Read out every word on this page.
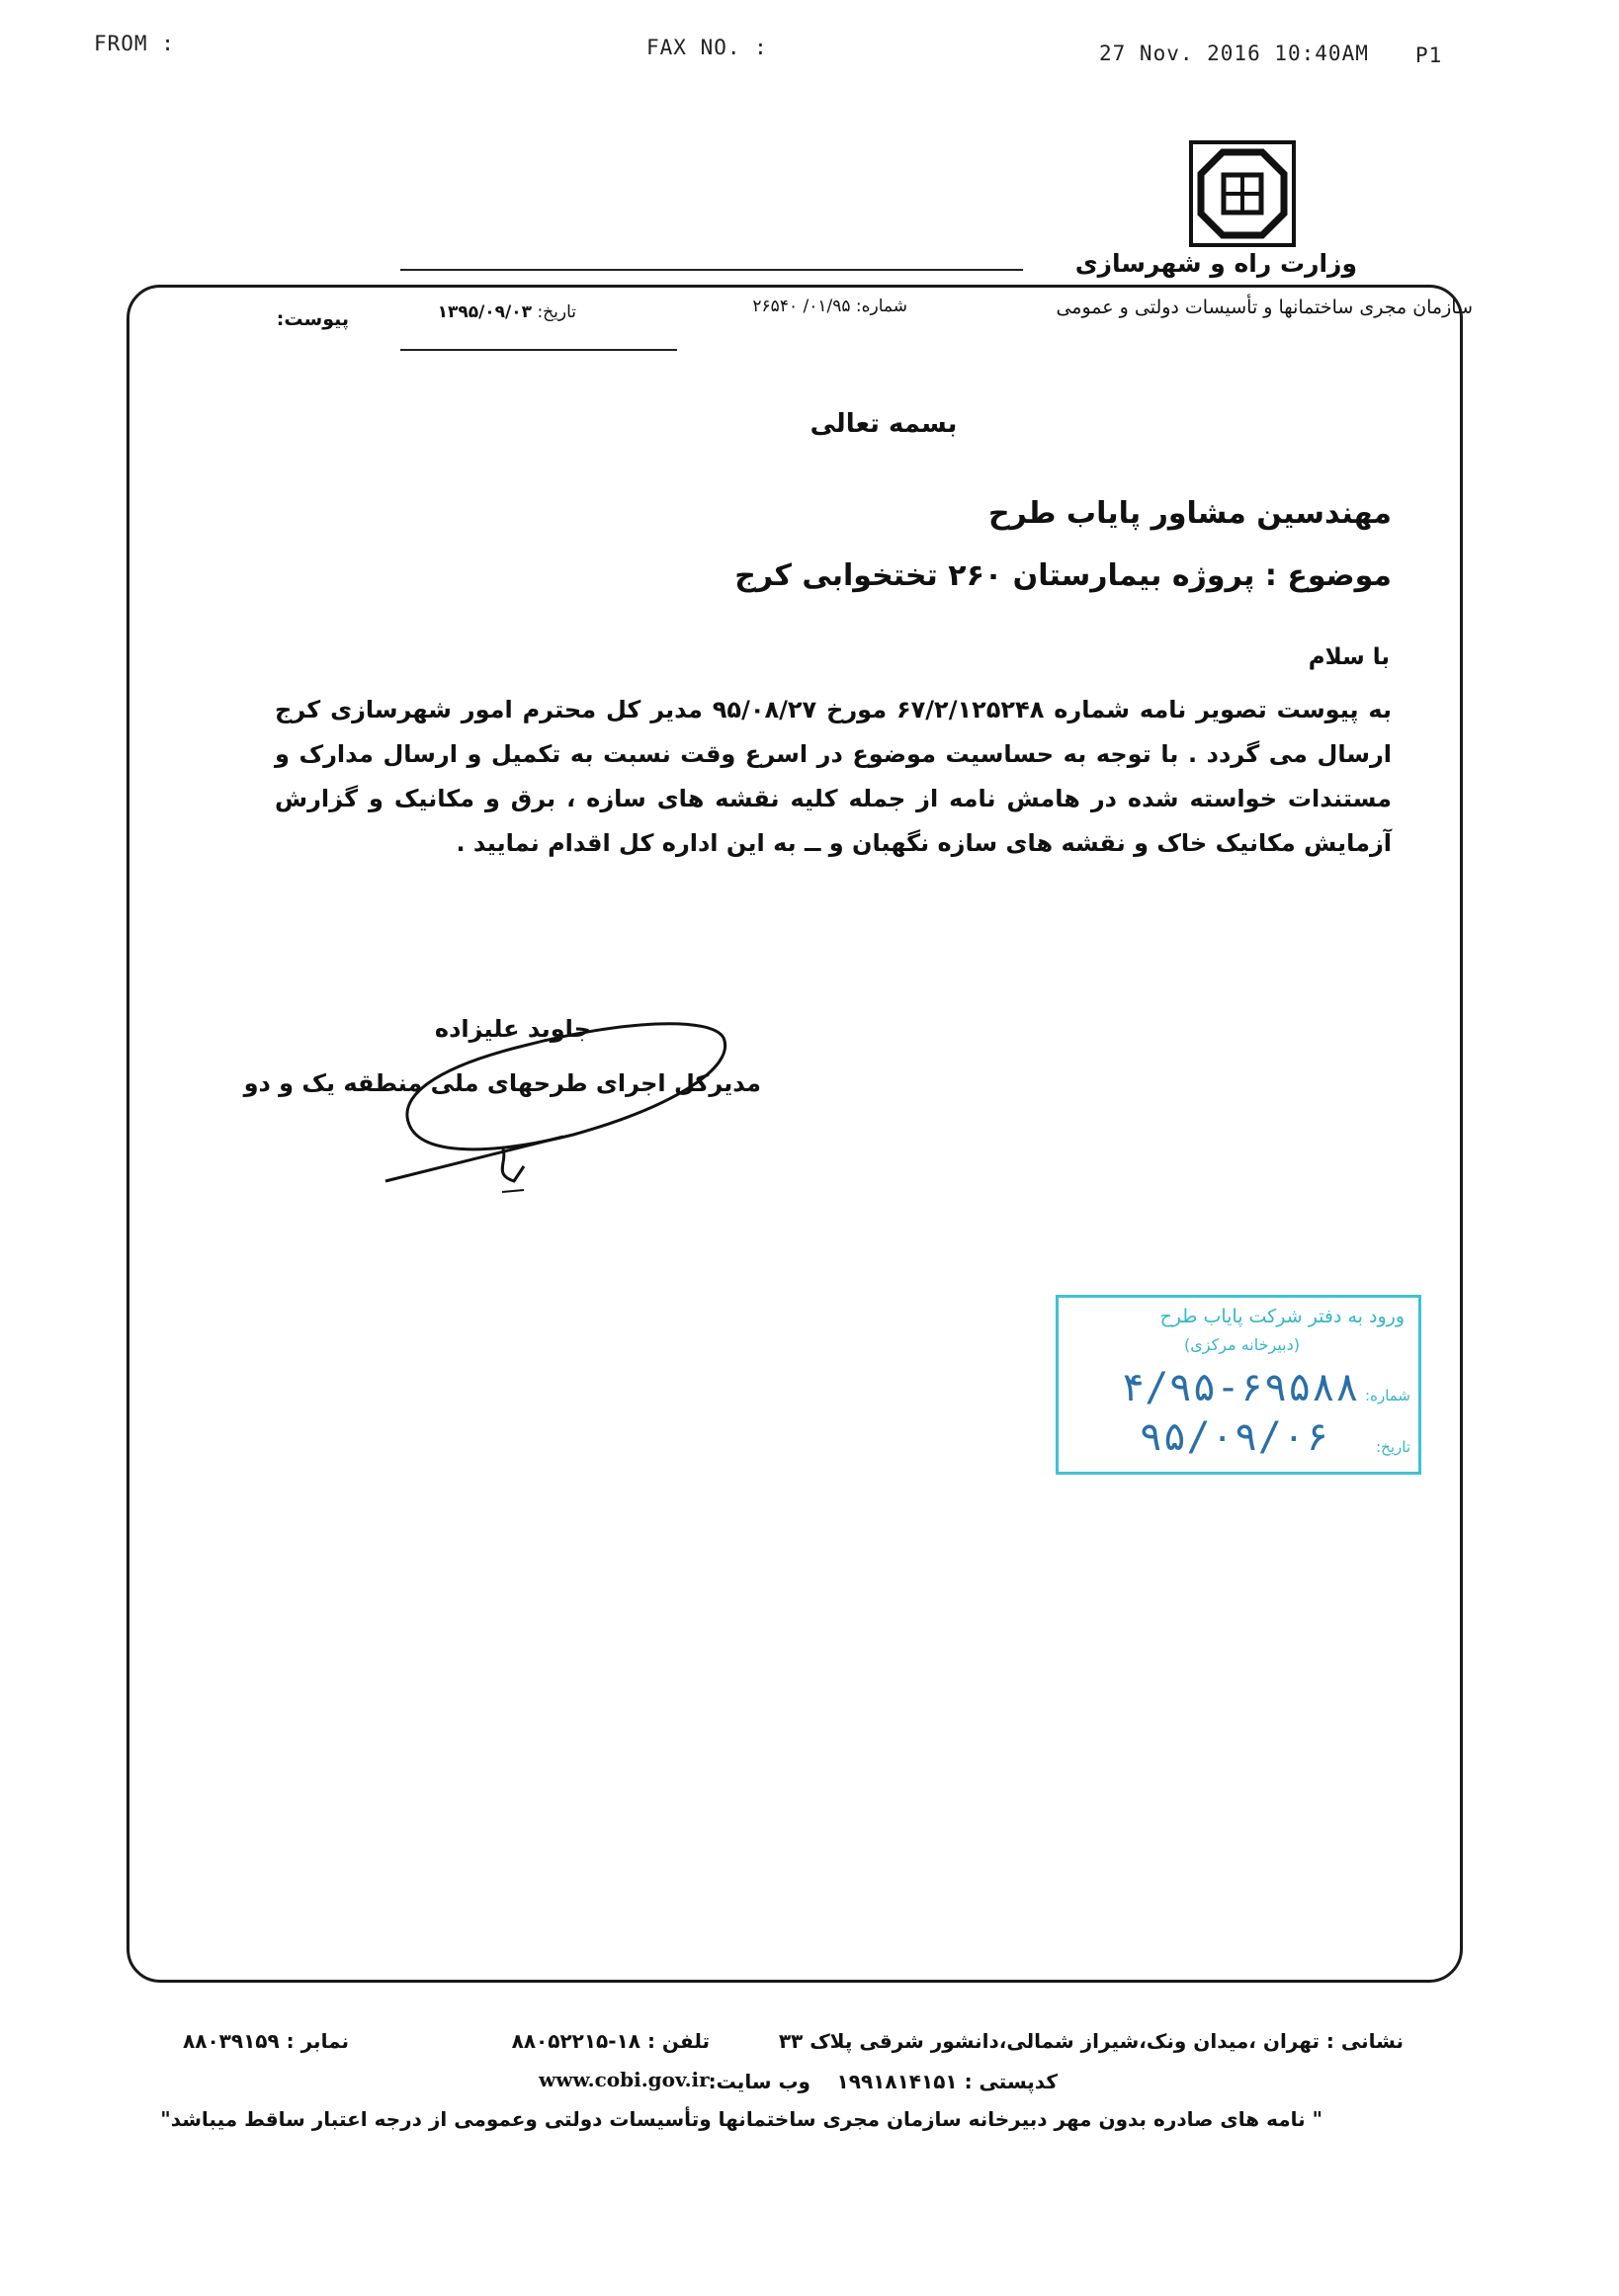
FROM :	FAX NO. :	27 Nov. 2016 10:40AM P1
وزارت راه و شهرسازی
سازمان مجری ساختمانها و تأسیسات دولتی و عمومی
شماره: ۰۱/۹۵/ ۲۶۵۴۰
تاریخ: ۱۳۹۵/۰۹/۰۳
پیوست:
بسمه تعالی
مهندسین مشاور پایاب طرح
موضوع : پروژه بیمارستان ۲۶۰ تختخوابی کرج
با سلام
به پیوست تصویر نامه شماره ۶۷/۲/۱۲۵۲۴۸ مورخ ۹۵/۰۸/۲۷ مدیر کل محترم امور شهرسازی کرج ارسال می گردد . با توجه به حساسیت موضوع در اسرع وقت نسبت به تکمیل و ارسال مدارک و مستندات خواسته شده در هامش نامه از جمله کلیه نقشه های سازه ، برق و مکانیک و گزارش آزمایش مکانیک خاک و نقشه های سازه نگهبان و ــ به این اداره کل اقدام نمایید .
جاوید علیزاده
مدیرکل اجرای طرحهای ملی منطقه یک و دو
ورود به دفتر شرکت پایاب طرح
(دبیرخانه مرکزی)
شماره:
۴/۹۵-۶۹۵۸۸
تاریخ:
۹۵/۰۹/۰۶
نشانی : تهران ،میدان ونک،شیراز شمالی،دانشور شرقی پلاک ۳۳
تلفن : ۱۸-۸۸۰۵۲۲۱۵
نمابر : ۸۸۰۳۹۱۵۹
کدپستی : ۱۹۹۱۸۱۴۱۵۱
وب سایت:
www.cobi.gov.ir
" نامه های صادره بدون مهر دبیرخانه سازمان مجری ساختمانها وتأسیسات دولتی وعمومی از درجه اعتبار ساقط میباشد"
